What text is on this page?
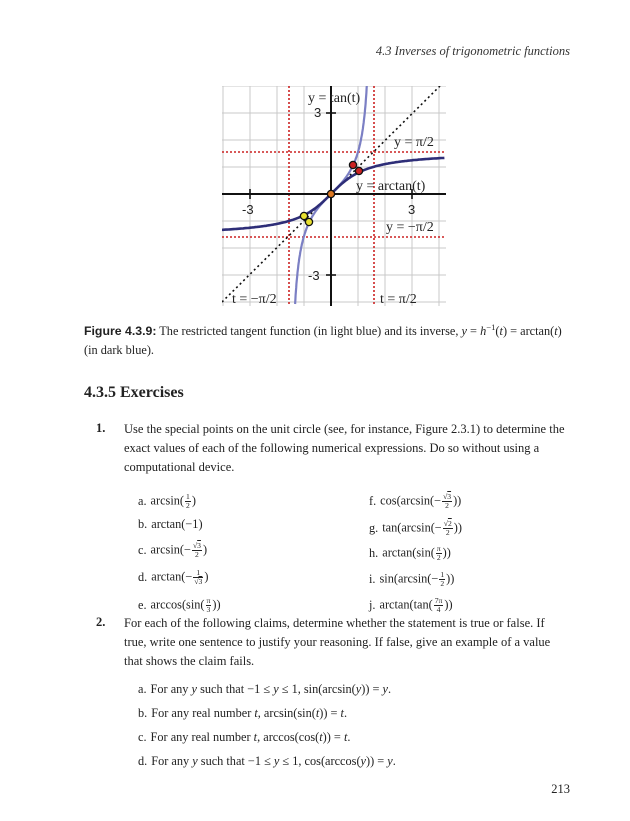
4.3 Inverses of trigonometric functions
y = tan(t)
y = arctan(t)
y = π/2
y = −π/2
t = −π/2	t = π/2
-3	3
3
-3
Figure 4.3.9: The restricted tangent function (in light blue) and its inverse, $y = h^{-1}(t) = \arctan(t)$ (in dark blue).
4.3.5 Exercises
1. Use the special points on the unit circle (see, for instance, Figure 2.3.1) to determine the exact values of each of the following numerical expressions. Do so without using a computational device.
a. $\arcsin( \frac{1}{2}$ )
b. arctan(−1)
c. $\arcsin(- \frac{√3}{2}$ )
d. $\arctan(- \frac{1}{√3}$ )
e. $\arccos(\sin( \frac{\pi}{3}$ ))
f. $\cos(\arcsin(- \frac{√3}{2}$ ))
g. $\tan(\arcsin(- \frac{√2}{2}$ ))
h. $\arctan(\sin( \frac{\pi}{2}$ ))
i. $\sin(\arcsin(- \frac{1}{2}$ ))
j. $\arctan(\tan( \frac{7\pi}{4}$ ))
2. For each of the following claims, determine whether the statement is true or false. If true, write one sentence to justify your reasoning. If false, give an example of a value that shows the claim fails.
a. For any y such that −1 ≤ y ≤ 1, sin(arcsin(y)) = y.
b. For any real number t, arcsin(sin(t)) = t.
c. For any real number t, arccos(cos(t)) = t.
d. For any y such that −1 ≤ y ≤ 1, cos(arccos(y)) = y.
213
